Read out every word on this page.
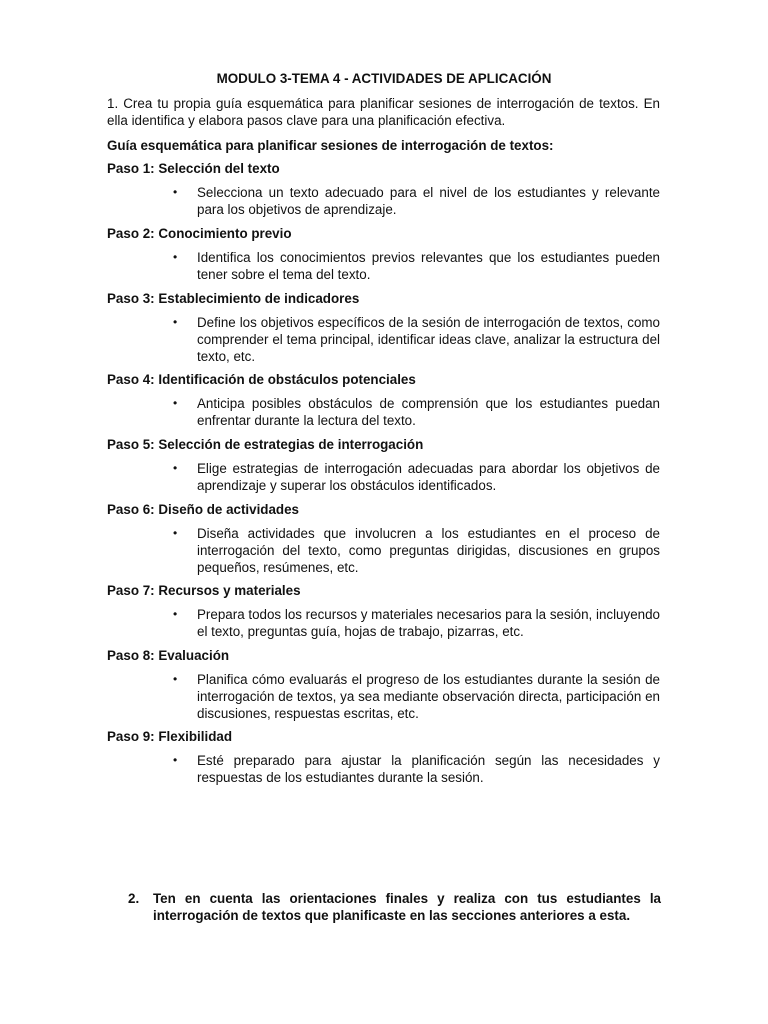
MODULO 3-TEMA 4 - ACTIVIDADES DE APLICACIÓN
1. Crea tu propia guía esquemática para planificar sesiones de interrogación de textos. En ella identifica y elabora pasos clave para una planificación efectiva.
Guía esquemática para planificar sesiones de interrogación de textos:
Paso 1: Selección del texto
• Selecciona un texto adecuado para el nivel de los estudiantes y relevante para los objetivos de aprendizaje.
Paso 2: Conocimiento previo
• Identifica los conocimientos previos relevantes que los estudiantes pueden tener sobre el tema del texto.
Paso 3: Establecimiento de indicadores
• Define los objetivos específicos de la sesión de interrogación de textos, como comprender el tema principal, identificar ideas clave, analizar la estructura del texto, etc.
Paso 4: Identificación de obstáculos potenciales
• Anticipa posibles obstáculos de comprensión que los estudiantes puedan enfrentar durante la lectura del texto.
Paso 5: Selección de estrategias de interrogación
• Elige estrategias de interrogación adecuadas para abordar los objetivos de aprendizaje y superar los obstáculos identificados.
Paso 6: Diseño de actividades
• Diseña actividades que involucren a los estudiantes en el proceso de interrogación del texto, como preguntas dirigidas, discusiones en grupos pequeños, resúmenes, etc.
Paso 7: Recursos y materiales
• Prepara todos los recursos y materiales necesarios para la sesión, incluyendo el texto, preguntas guía, hojas de trabajo, pizarras, etc.
Paso 8: Evaluación
• Planifica cómo evaluarás el progreso de los estudiantes durante la sesión de interrogación de textos, ya sea mediante observación directa, participación en discusiones, respuestas escritas, etc.
Paso 9: Flexibilidad
• Esté preparado para ajustar la planificación según las necesidades y respuestas de los estudiantes durante la sesión.
2.	Ten en cuenta las orientaciones finales y realiza con tus estudiantes la interrogación de textos que planificaste en las secciones anteriores a esta.
